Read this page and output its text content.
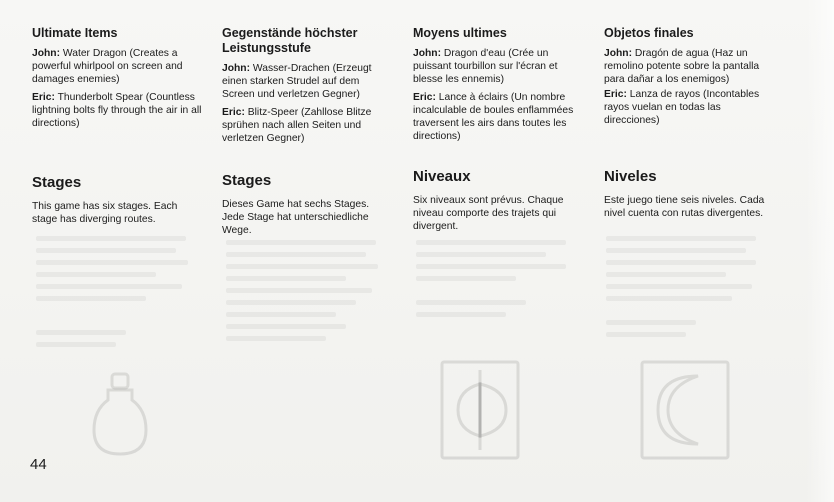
Ultimate Items

John: Water Dragon (Creates a powerful whirlpool on screen and damages enemies)

Eric: Thunderbolt Spear (Countless lightning bolts fly through the air in all directions)

Stages

This game has six stages. Each stage has diverging routes.

Gegenstände höchster Leistungsstufe

John: Wasser-Drachen (Erzeugt einen starken Strudel auf dem Screen und verletzen Gegner)

Eric: Blitz-Speer (Zahllose Blitze sprühen nach allen Seiten und verletzen Gegner)

Stages

Dieses Game hat sechs Stages. Jede Stage hat unterschiedliche Wege.

Moyens ultimes

John: Dragon d'eau (Crée un puissant tourbillon sur l'écran et blesse les ennemis)

Eric: Lance à éclairs (Un nombre incalculable de boules enflammées traversent les airs dans toutes les directions)

Niveaux

Six niveaux sont prévus. Chaque niveau comporte des trajets qui divergent.

Objetos finales

John: Dragón de agua (Haz un remolino potente sobre la pantalla para dañar a los enemigos)

Eric: Lanza de rayos (Incontables rayos vuelan en todas las direcciones)

Niveles

Este juego tiene seis niveles. Cada nivel cuenta con rutas divergentes.

44
